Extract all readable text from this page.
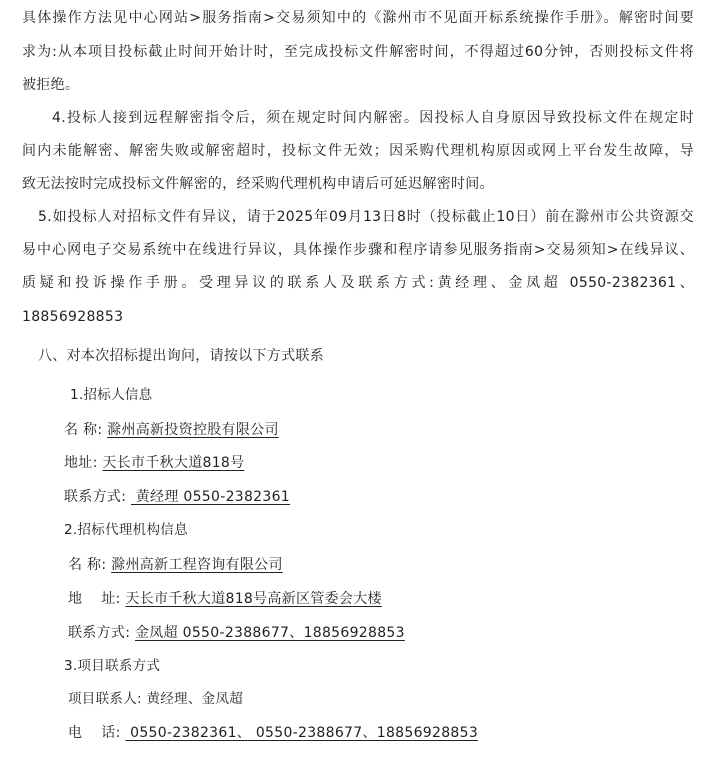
具体操作方法见中心网站>服务指南>交易须知中的《滁州市不见面开标系统操作手册》。解密时间要
求为:从本项目投标截止时间开始计时，至完成投标文件解密时间，不得超过60分钟，否则投标文件将
被拒绝。
4.投标人接到远程解密指令后，须在规定时间内解密。因投标人自身原因导致投标文件在规定时
间内未能解密、解密失败或解密超时，投标文件无效；因采购代理机构原因或网上平台发生故障，导
致无法按时完成投标文件解密的，经采购代理机构申请后可延迟解密时间。
5.如投标人对招标文件有异议，请于2025年09月13日8时（投标截止10日）前在滁州市公共资源交
易中心网电子交易系统中在线进行异议，具体操作步骤和程序请参见服务指南>交易须知>在线异议、
质疑和投诉操作手册。受理异议的联系人及联系方式:黄经理、金凤超 0550-2382361、
18856928853
八、对本次招标提出询问，请按以下方式联系
1.招标人信息
名 称: 滁州高新投资控股有限公司
地址: 天长市千秋大道818号
联系方式:  黄经理 0550-2382361
2.招标代理机构信息
名 称: 滁州高新工程咨询有限公司
地    址: 天长市千秋大道818号高新区管委会大楼
联系方式: 金凤超 0550-2388677、18856928853
3.项目联系方式
项目联系人: 黄经理、金凤超
电    话:  0550-2382361、 0550-2388677、18856928853
